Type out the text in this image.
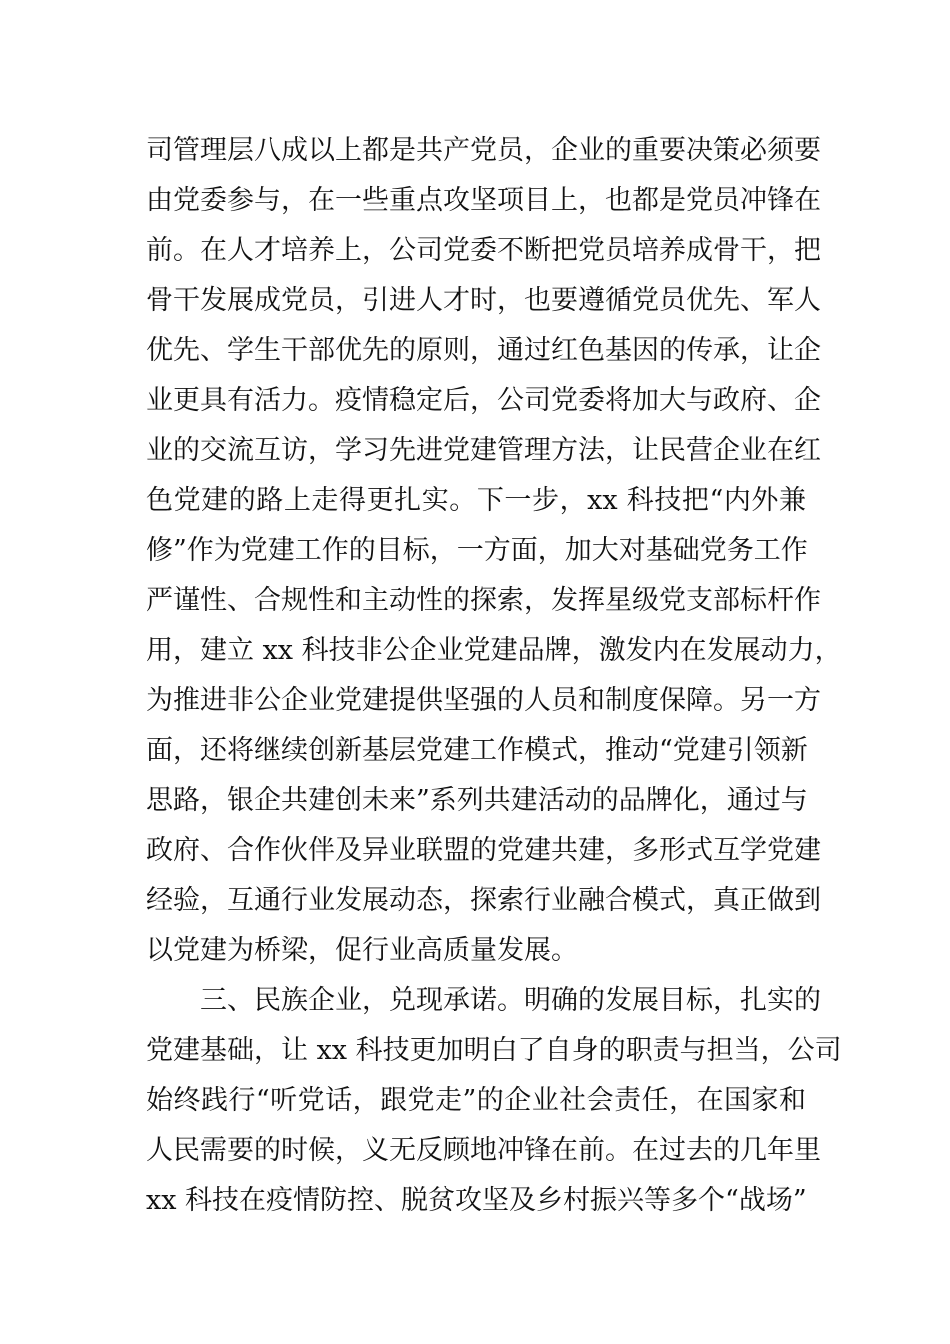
司管理层八成以上都是共产党员，企业的重要决策必须要
由党委参与，在一些重点攻坚项目上，也都是党员冲锋在
前。在人才培养上，公司党委不断把党员培养成骨干，把
骨干发展成党员，引进人才时，也要遵循党员优先、军人
优先、学生干部优先的原则，通过红色基因的传承，让企
业更具有活力。疫情稳定后，公司党委将加大与政府、企
业的交流互访，学习先进党建管理方法，让民营企业在红
色党建的路上走得更扎实。下一步，xx 科技把“内外兼
修”作为党建工作的目标，一方面，加大对基础党务工作
严谨性、合规性和主动性的探索，发挥星级党支部标杆作
用，建立 xx 科技非公企业党建品牌，激发内在发展动力，
为推进非公企业党建提供坚强的人员和制度保障。另一方
面，还将继续创新基层党建工作模式，推动“党建引领新
思路，银企共建创未来”系列共建活动的品牌化，通过与
政府、合作伙伴及异业联盟的党建共建，多形式互学党建
经验，互通行业发展动态，探索行业融合模式，真正做到
以党建为桥梁，促行业高质量发展。
三、民族企业，兑现承诺。明确的发展目标，扎实的
党建基础，让 xx 科技更加明白了自身的职责与担当，公司
始终践行“听党话，跟党走”的企业社会责任，在国家和
人民需要的时候，义无反顾地冲锋在前。在过去的几年里
xx 科技在疫情防控、脱贫攻坚及乡村振兴等多个“战场”
